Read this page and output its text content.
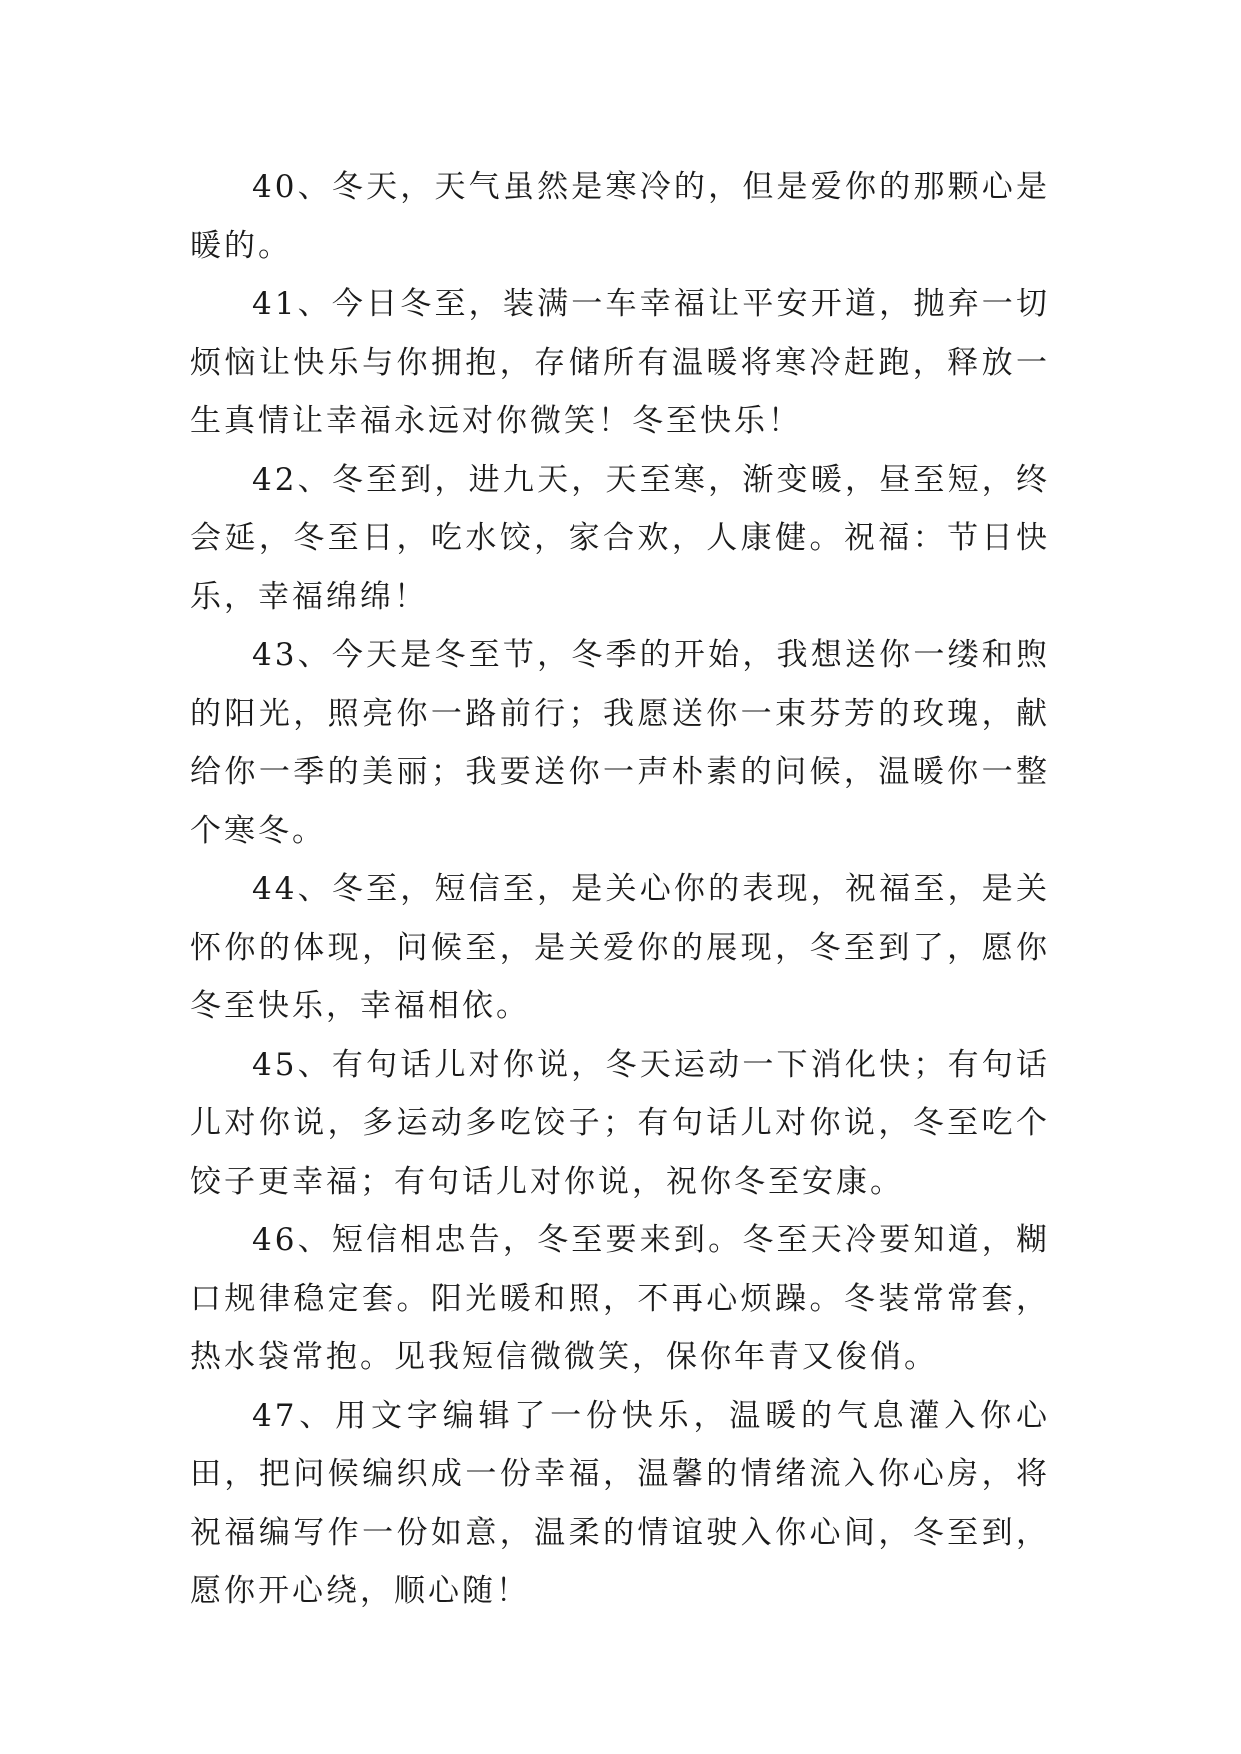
40、冬天，天气虽然是寒冷的，但是爱你的那颗心是暖的。

41、今日冬至，装满一车幸福让平安开道，抛弃一切烦恼让快乐与你拥抱，存储所有温暖将寒冷赶跑，释放一生真情让幸福永远对你微笑！冬至快乐！

42、冬至到，进九天，天至寒，渐变暖，昼至短，终会延，冬至日，吃水饺，家合欢，人康健。祝福：节日快乐，幸福绵绵！

43、今天是冬至节，冬季的开始，我想送你一缕和煦的阳光，照亮你一路前行；我愿送你一束芬芳的玫瑰，献给你一季的美丽；我要送你一声朴素的问候，温暖你一整个寒冬。

44、冬至，短信至，是关心你的表现，祝福至，是关怀你的体现，问候至，是关爱你的展现，冬至到了，愿你冬至快乐，幸福相依。

45、有句话儿对你说，冬天运动一下消化快；有句话儿对你说，多运动多吃饺子；有句话儿对你说，冬至吃个饺子更幸福；有句话儿对你说，祝你冬至安康。

46、短信相忠告，冬至要来到。冬至天冷要知道，糊口规律稳定套。阳光暖和照，不再心烦躁。冬装常常套，热水袋常抱。见我短信微微笑，保你年青又俊俏。

47、用文字编辑了一份快乐，温暖的气息灌入你心田，把问候编织成一份幸福，温馨的情绪流入你心房，将祝福编写作一份如意，温柔的情谊驶入你心间，冬至到，愿你开心绕，顺心随！
